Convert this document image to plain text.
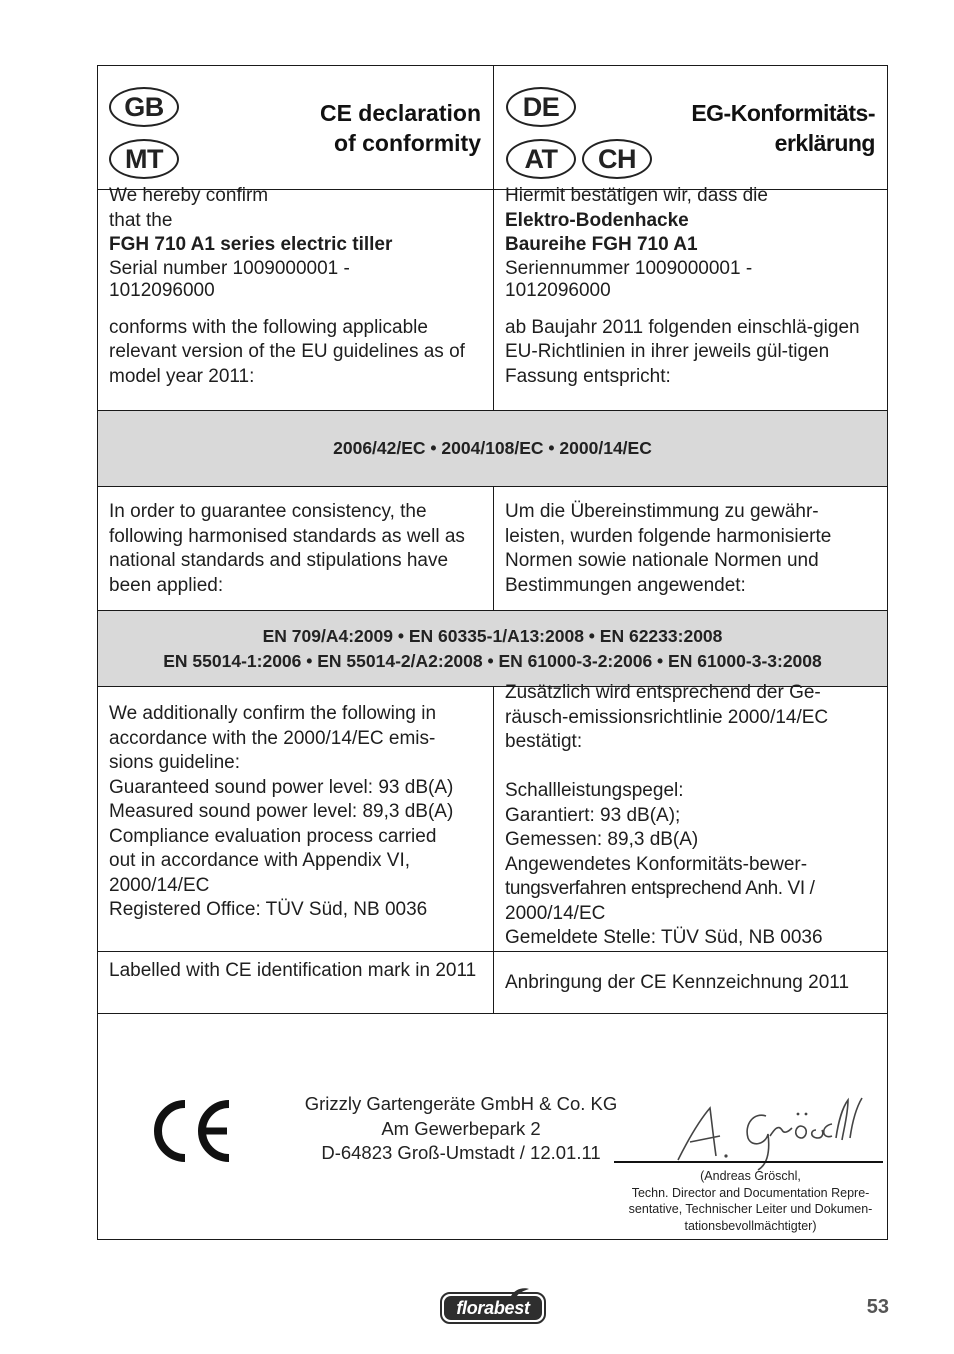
GB
MT
CE declaration
of conformity
DE
AT	CH
EG-Konformitäts-
erklärung
We hereby confirm
that the
FGH 710 A1 series electric tiller
Serial number 1009000001 -
1012096000
conforms with the following applicable relevant version of the EU guidelines as of model year 2011:
Hiermit bestätigen wir, dass die
Elektro-Bodenhacke
Baureihe FGH 710 A1
Seriennummer 1009000001 -
1012096000
ab Baujahr 2011 folgenden einschlä-gigen EU-Richtlinien in ihrer jeweils gül-tigen Fassung entspricht:
2006/42/EC • 2004/108/EC • 2000/14/EC
In order to guarantee consistency, the following harmonised standards as well as national standards and stipulations have been applied:
Um die Übereinstimmung zu gewähr-leisten, wurden folgende harmonisierte Normen sowie nationale Normen und Bestimmungen angewendet:
EN 709/A4:2009 • EN 60335-1/A13:2008 • EN 62233:2008
EN 55014-1:2006 • EN 55014-2/A2:2008 • EN 61000-3-2:2006 • EN 61000-3-3:2008
We additionally confirm the following in
accordance with the 2000/14/EC emis-
sions guideline:
Guaranteed sound power level: 93 dB(A)
Measured sound power level: 89,3 dB(A)
Compliance evaluation process carried
out in accordance with Appendix VI,
2000/14/EC
Registered Office: TÜV Süd, NB 0036
Zusätzlich wird entsprechend der Ge-
räusch-emissionsrichtlinie 2000/14/EC
bestätigt:
Schallleistungspegel:
Garantiert: 93 dB(A);
Gemessen: 89,3 dB(A)
Angewendetes Konformitäts-bewer-
tungsverfahren entsprechend Anh. VI /
2000/14/EC
Gemeldete Stelle: TÜV Süd, NB 0036
Labelled with CE identification mark in 2011
Anbringung der CE Kennzeichnung 2011
Grizzly Gartengeräte GmbH & Co. KG
Am Gewerbepark 2
D-64823 Groß-Umstadt / 12.01.11
(Andreas Gröschl,
Techn. Director and Documentation Repre-
sentative, Technischer Leiter und Dokumen-
tationsbevollmächtigter)
florabest	53
